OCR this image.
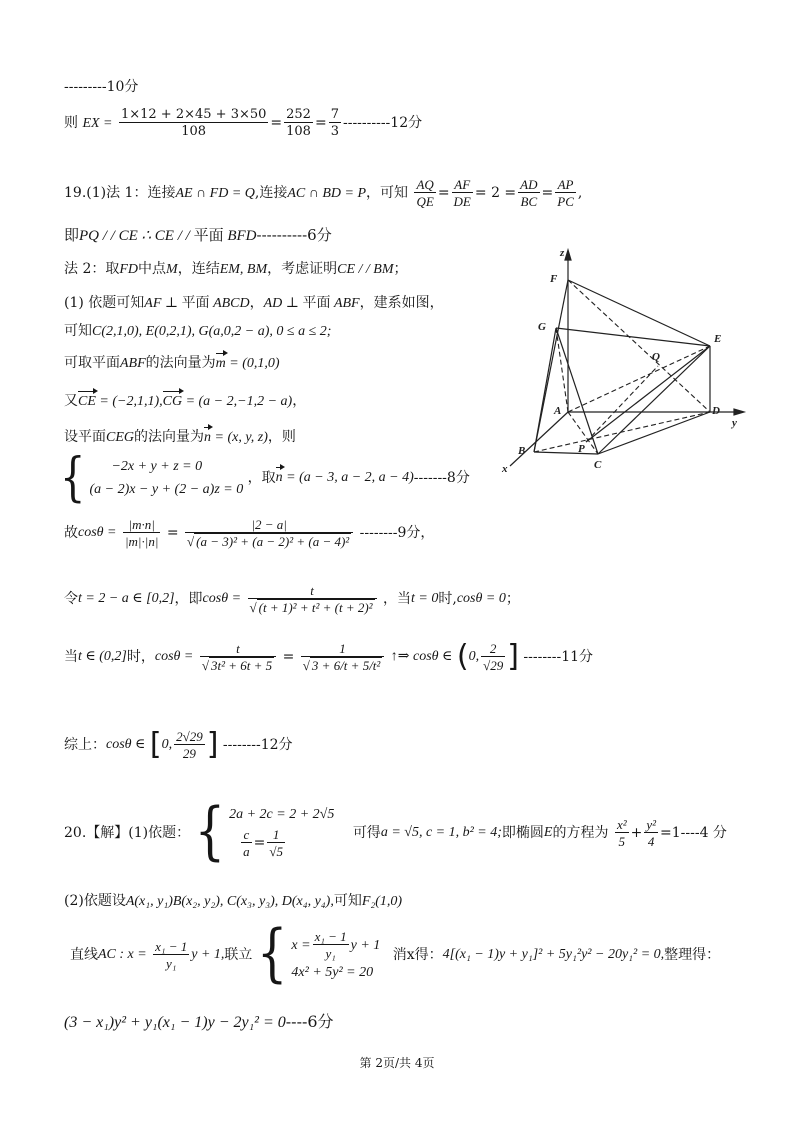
---------10分
则 EX = $\frac{1\times 12 + 2\times 45 + 3\times 50}{108} = \frac{252}{108} = \frac{7}{3} ----------12$分
19.(1)法 1：连接AE ∩ FD = Q,连接AC ∩ BD = P，可知 $\frac{AQ}{QE} = \frac{AF}{DE} = 2 = \frac{AD}{BC} = \frac{AP}{PC}$ ,
即PQ / / CE ∴ CE / / 平面 BFD----------6分
法 2：取FD中点M，连结EM, BM，考虑证明CE / / BM；
(1) 依题可知AF ⊥ 平面 ABCD，AD ⊥ 平面 ABF，建系如图，
可知C(2,1,0), E(0,2,1), G(a,0,2 − a), 0 ≤ a ≤ 2;
可取平面ABF的法向量为m = (0,1,0)
又CE = (−2,1,1),CG = (a − 2,−1,2 − a)，
设平面CEG的法向量为n = (x, y, z)，则
{	−2x + y + z = 0
(a − 2)x − y + (2 − a)z = 0
，取n = (a − 3, a − 2, a − 4)-------8分
故$\cos\theta = \frac{|m\cdot n|}{|m|\cdot|n|} = \frac{|2 - a|}{\text{√ (a − 3)² + (a − 2)² + (a − 4)²}} --------9$分，
令t = 2 − a ∈ [0,2]，即$\cos\theta = \frac{t}{\text{√ (t + 1)² + t² + (t + 2)²}}$ ，当t = 0时,cosθ = 0；
当t ∈ (0,2]时，$\cos\theta = \frac{t}{\text{√ 3t² + 6t + 5}} = \frac{1}{\text{√ 3 + 6/t + 5/t²}}$ ↑⇒ cosθ ∈ (0, $\frac{2}{√29}$ ] --------11分
综上：cosθ ∈ [0, $\frac{2√29}{29}$ ] --------12分
20.【解】(1)依题： { 2a + 2c = 2 + 2√5
$\frac{c}{a} = \frac{1}{√5}$	可得a = √5, c = 1, b² = 4;即椭圆E的方程为 $\frac{\text{x²}}{5} + \frac{\text{y²}}{4} =1----4$ 分
(2)依题设A(x₁, y₁)B(x₂, y₂), C(x₃, y₃), D(x₄, y₄),可知F₂(1,0)
直线AC : $x = \frac{\text{x₁ − 1}}{\text{y₁}}$ y + 1,联立 { $x = \frac{\text{x₁ − 1}}{\text{y₁}}$ y + 1
4x² + 5y² = 20
消x得：4[(x₁ − 1)y + y₁]² + 5y₁²y² − 20y₁² = 0,整理得：
(3 − x₁)y² + y₁(x₁ − 1)y − 2y₁² = 0----6分
z
F
G
E
Q
A	D
y
P
B
C
x
第 2页/共 4页
